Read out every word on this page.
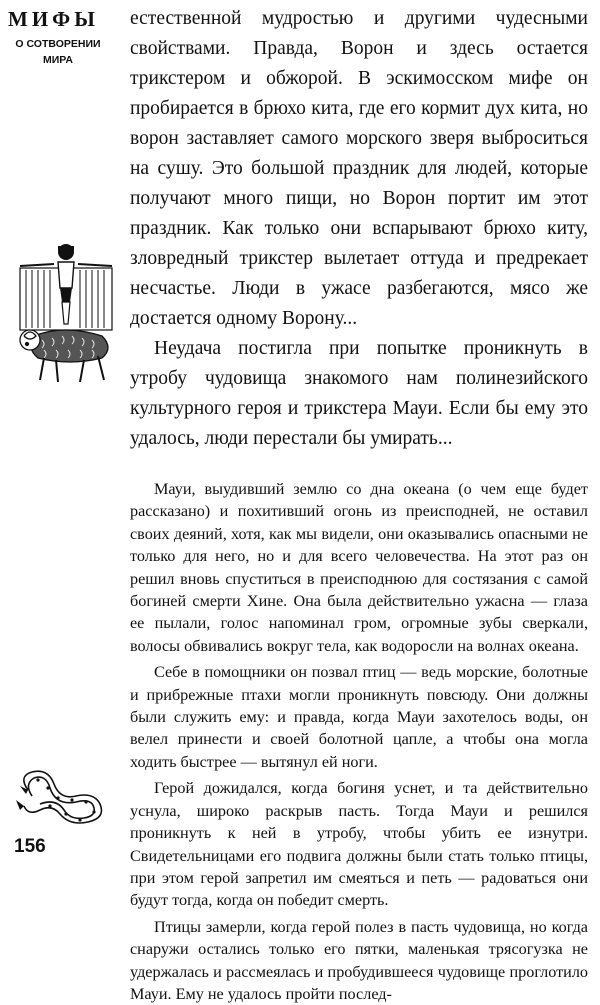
МИФЫ
О СОТВОРЕНИИ
МИРА
156

естественной мудростью и другими чудесными свойствами. Правда, Ворон и здесь остается трикстером и обжорой. В эскимосском мифе он пробирается в брюхо кита, где его кормит дух кита, но ворон заставляет самого морского зверя выброситься на сушу. Это большой праздник для людей, которые получают много пищи, но Ворон портит им этот праздник. Как только они вспарывают брюхо киту, зловредный трикстер вылетает оттуда и предрекает несчастье. Люди в ужасе разбегаются, мясо же достается одному Ворону...

Неудача постигла при попытке проникнуть в утробу чудовища знакомого нам полинезийского культурного героя и трикстера Мауи. Если бы ему это удалось, люди перестали бы умирать...

Мауи, выудивший землю со дна океана (о чем еще будет рассказано) и похитивший огонь из преисподней, не оставил своих деяний, хотя, как мы видели, они оказывались опасными не только для него, но и для всего человечества. На этот раз он решил вновь спуститься в преисподнюю для состязания с самой богиней смерти Хине. Она была действительно ужасна — глаза ее пылали, голос напоминал гром, огромные зубы сверкали, волосы обвивались вокруг тела, как водоросли на волнах океана.

Себе в помощники он позвал птиц — ведь морские, болотные и прибрежные птахи могли проникнуть повсюду. Они должны были служить ему: и правда, когда Мауи захотелось воды, он велел принести и своей болотной цапле, а чтобы она могла ходить быстрее — вытянул ей ноги.

Герой дожидался, когда богиня уснет, и та действительно уснула, широко раскрыв пасть. Тогда Мауи и решился проникнуть к ней в утробу, чтобы убить ее изнутри. Свидетельницами его подвига должны были стать только птицы, при этом герой запретил им смеяться и петь — радоваться они будут тогда, когда он победит смерть.

Птицы замерли, когда герой полез в пасть чудовища, но когда снаружи остались только его пятки, маленькая трясогузка не удержалась и рассмеялась и пробудившееся чудовище проглотило Мауи. Ему не удалось пройти послед-
